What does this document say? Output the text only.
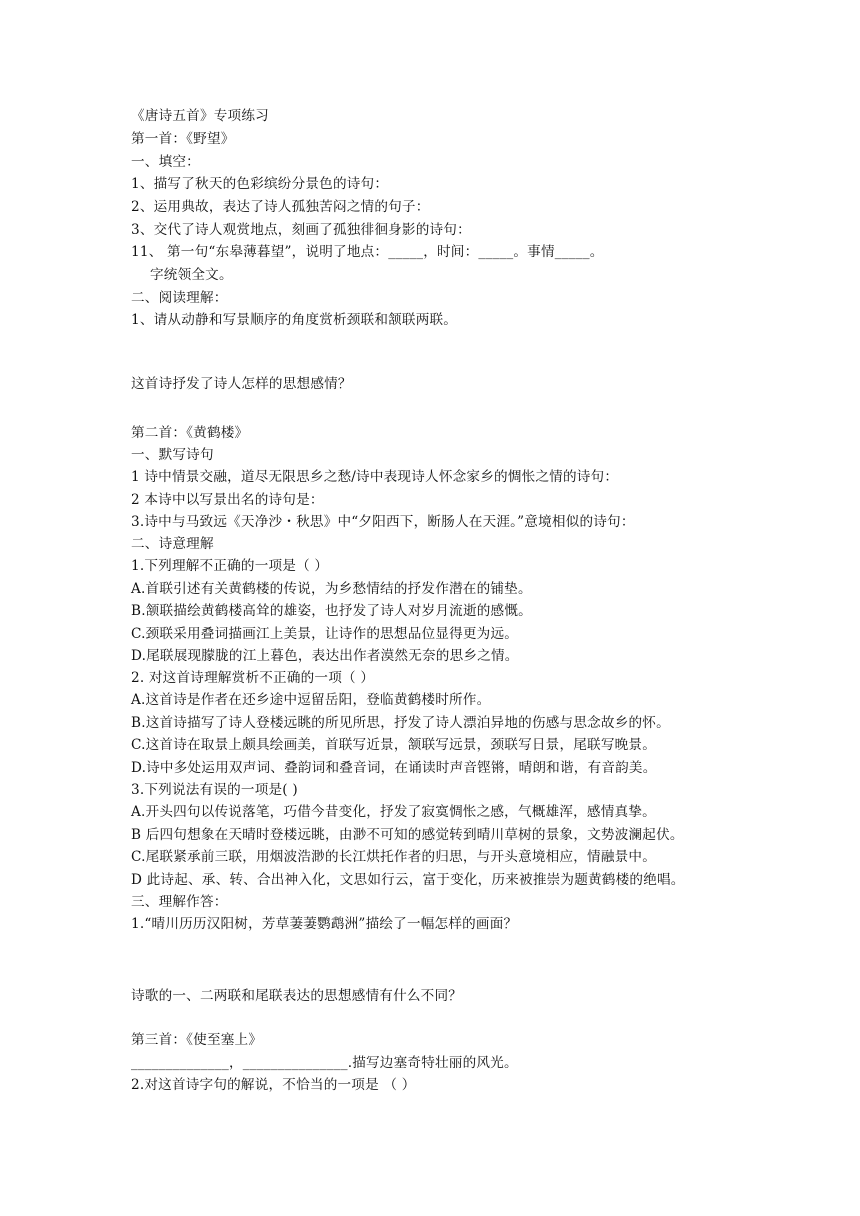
《唐诗五首》专项练习
第一首：《野望》
一、填空：
1、描写了秋天的色彩缤纷分景色的诗句：
2、运用典故，表达了诗人孤独苦闷之情的句子：
3、交代了诗人观赏地点，刻画了孤独徘徊身影的诗句：
11、 第一句“东皋薄暮望”，说明了地点：_____，时间：_____。事情_____。
字统领全文。
二、阅读理解：
1、请从动静和写景顺序的角度赏析颈联和颔联两联。
这首诗抒发了诗人怎样的思想感情？
第二首：《黄鹤楼》
一、默写诗句
1 诗中情景交融，道尽无限思乡之愁/诗中表现诗人怀念家乡的惆怅之情的诗句：
2 本诗中以写景出名的诗句是：
3.诗中与马致远《天净沙・秋思》中“夕阳西下，断肠人在天涯。”意境相似的诗句：
二、诗意理解
1.下列理解不正确的一项是（ ）
A.首联引述有关黄鹤楼的传说，为乡愁情结的抒发作潜在的铺垫。
B.颔联描绘黄鹤楼高耸的雄姿，也抒发了诗人对岁月流逝的感慨。
C.颈联采用叠词描画江上美景，让诗作的思想品位显得更为远。
D.尾联展现朦胧的江上暮色，表达出作者漠然无奈的思乡之情。
2. 对这首诗理解赏析不正确的一项（ ）
A.这首诗是作者在还乡途中逗留岳阳，登临黄鹤楼时所作。
B.这首诗描写了诗人登楼远眺的所见所思，抒发了诗人漂泊异地的伤感与思念故乡的怀。
C.这首诗在取景上颇具绘画美，首联写近景，颔联写远景，颈联写日景，尾联写晚景。
D.诗中多处运用双声词、叠韵词和叠音词，在诵读时声音铿锵，晴朗和谐，有音韵美。
3.下列说法有误的一项是( )
A.开头四句以传说落笔，巧借今昔变化，抒发了寂寞惆怅之感，气概雄浑，感情真挚。
B 后四句想象在天晴时登楼远眺，由渺不可知的感觉转到晴川草树的景象，文势波澜起伏。
C.尾联紧承前三联，用烟波浩渺的长江烘托作者的归思，与开头意境相应，情融景中。
D 此诗起、承、转、合出神入化，文思如行云，富于变化，历来被推崇为题黄鹤楼的绝唱。
三、理解作答：
1.“晴川历历汉阳树，芳草萋萋鹦鹉洲”描绘了一幅怎样的画面？
诗歌的一、二两联和尾联表达的思想感情有什么不同？
第三首：《使至塞上》
______________，_______________.描写边塞奇特壮丽的风光。
2.对这首诗字句的解说，不恰当的一项是 （ ）
